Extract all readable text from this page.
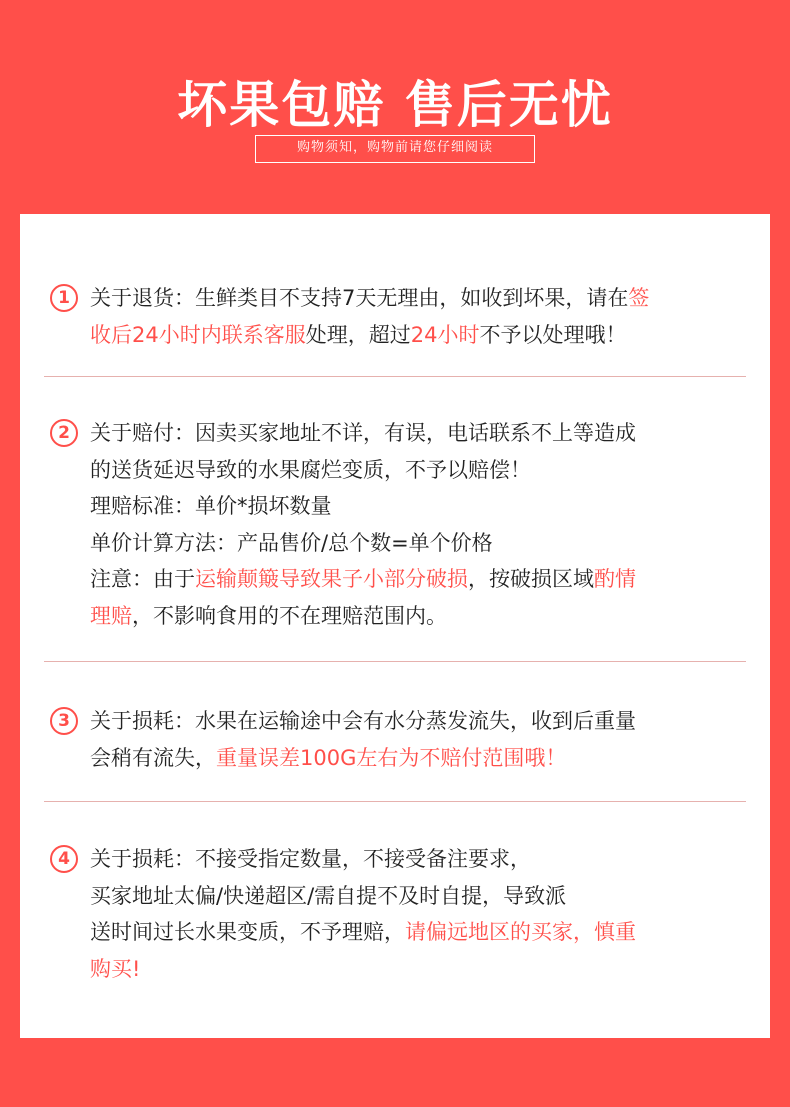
坏果包赔 售后无忧
购物须知，购物前请您仔细阅读
1 关于退货：生鲜类目不支持7天无理由，如收到坏果，请在签

收后24小时内联系客服处理，超过24小时不予以处理哦！

2 关于赔付：因卖买家地址不详，有误，电话联系不上等造成

的送货延迟导致的水果腐烂变质，不予以赔偿！

理赔标准：单价*损坏数量

单价计算方法：产品售价/总个数=单个价格

注意：由于运输颠簸导致果子小部分破损，按破损区域酌情

理赔，不影响食用的不在理赔范围内。

3 关于损耗：水果在运输途中会有水分蒸发流失，收到后重量

会稍有流失，重量误差100G左右为不赔付范围哦！

4 关于损耗：不接受指定数量，不接受备注要求，

买家地址太偏/快递超区/需自提不及时自提，导致派

送时间过长水果变质，不予理赔，请偏远地区的买家，慎重

购买!
